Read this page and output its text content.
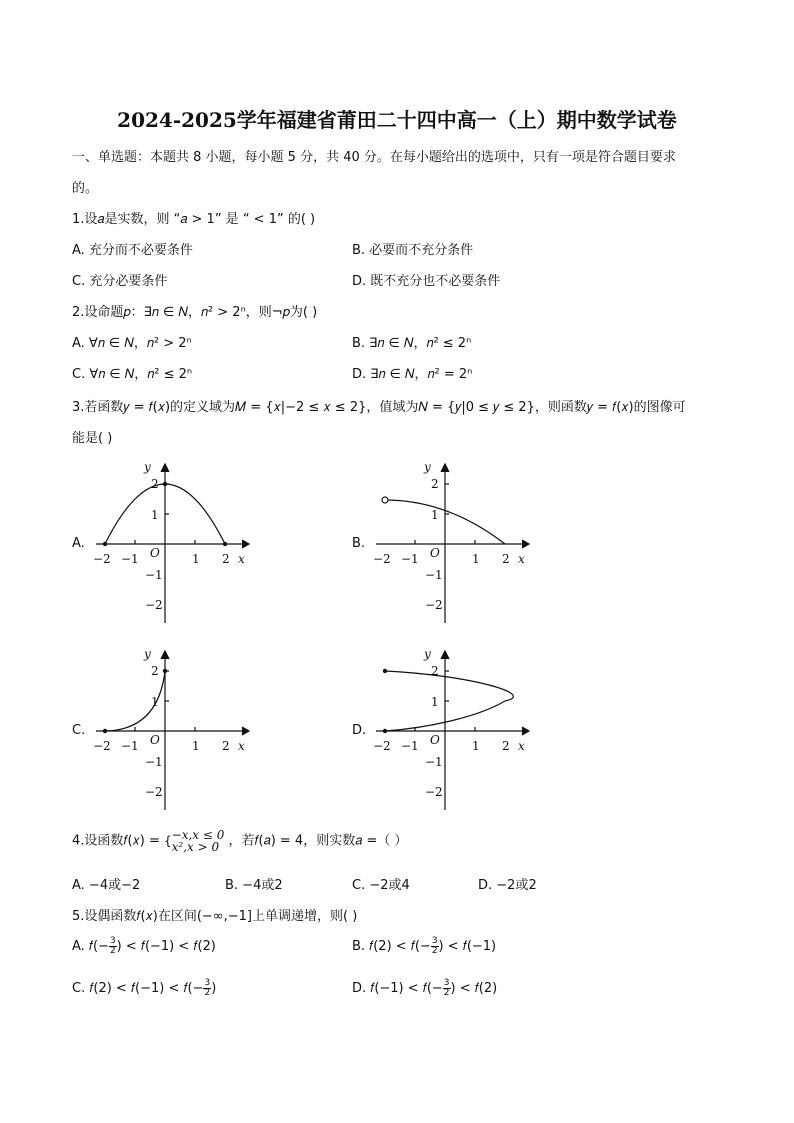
2024-2025学年福建省莆田二十四中高一（上）期中数学试卷
一、单选题：本题共 8 小题，每小题 5 分，共 40 分。在每小题给出的选项中，只有一项是符合题目要求
的。
1.设𝑎是实数，则 “𝑎 > 1” 是 “ < 1” 的( )
A. 充分而不必要条件	B. 必要而不充分条件
C. 充分必要条件	D. 既不充分也不必要条件
2.设命题𝑝：∃𝑛 ∈ 𝑁，𝑛² > 2ⁿ，则¬𝑝为( )
A. ∀𝑛 ∈ 𝑁，𝑛² > 2ⁿ	B. ∃𝑛 ∈ 𝑁，𝑛² ≤ 2ⁿ
C. ∀𝑛 ∈ 𝑁，𝑛² ≤ 2ⁿ	D. ∃𝑛 ∈ 𝑁，𝑛² = 2ⁿ
3.若函数𝑦 = 𝑓(𝑥)的定义域为𝑀 = {𝑥|−2 ≤ 𝑥 ≤ 2}，值域为𝑁 = {𝑦|0 ≤ 𝑦 ≤ 2}，则函数𝑦 = 𝑓(𝑥)的图像可
能是( )
A.	B.
C.	D.
y
x
O
−2 −1	1 2
2
1
−1
−2
y
x
O
−2 −1	1 2
2
1
−1
−2
y
x
O
−2 −1	1 2
2
1
−1
−2
y
x
O
−2 −1	1 2
2
1
−1
−2
4.设函数𝑓(𝑥) = { −𝑥,𝑥 ≤ 0
𝑥²,𝑥 > 0 ，若𝑓(𝑎) = 4，则实数𝑎 =（ ）
A. −4或−2	B. −4或2	C. −2或4	D. −2或2
5.设偶函数𝑓(𝑥)在区间(−∞,−1]上单调递增，则( )
A. 𝑓(− $\frac{3}{2}$ ) < 𝑓(−1) < 𝑓(2)	B. 𝑓(2) < 𝑓(− $\frac{3}{2}$ ) < 𝑓(−1)
C. 𝑓(2) < 𝑓(−1) < 𝑓(− $\frac{3}{2}$ )	D. 𝑓(−1) < 𝑓(− $\frac{3}{2}$ ) < 𝑓(2)
